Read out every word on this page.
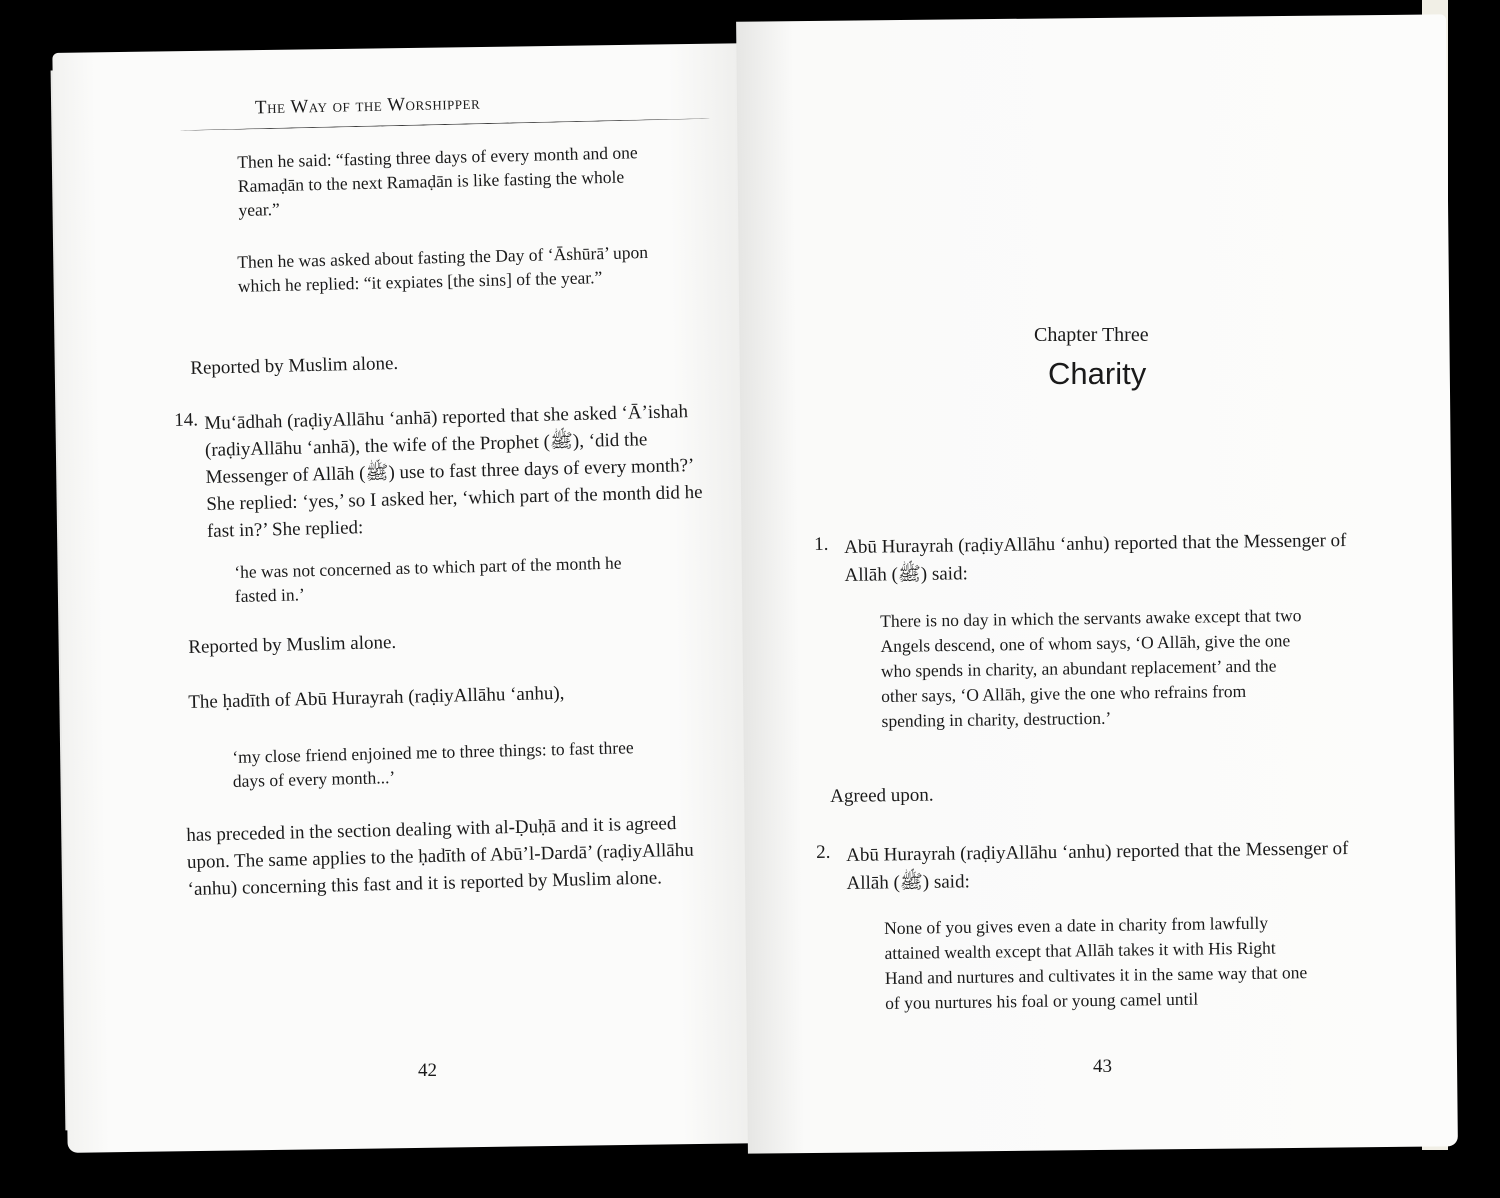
The Way of the Worshipper
Then he said: “fasting three days of every month and one Ramaḍān to the next Ramaḍān is like fasting the whole year.”
Then he was asked about fasting the Day of ‘Āshūrā’ upon which he replied: “it expiates [the sins] of the year.”
Reported by Muslim alone.
14. Mu‘ādhah (raḍiyAllāhu ‘anhā) reported that she asked ‘Ā’ishah (raḍiyAllāhu ‘anhā), the wife of the Prophet (ﷺ), ‘did the Messenger of Allāh (ﷺ) use to fast three days of every month?’ She replied: ‘yes,’ so I asked her, ‘which part of the month did he fast in?’ She replied:
‘he was not concerned as to which part of the month he fasted in.’
Reported by Muslim alone.
The ḥadīth of Abū Hurayrah (raḍiyAllāhu ‘anhu),
‘my close friend enjoined me to three things: to fast three days of every month...’
has preceded in the section dealing with al-Ḍuḥā and it is agreed upon. The same applies to the ḥadīth of Abū’l-Dardā’ (raḍiyAllāhu ‘anhu) concerning this fast and it is reported by Muslim alone.
42
Chapter Three
Charity
1. Abū Hurayrah (raḍiyAllāhu ‘anhu) reported that the Messenger of Allāh (ﷺ) said:
There is no day in which the servants awake except that two Angels descend, one of whom says, ‘O Allāh, give the one who spends in charity, an abundant replacement’ and the other says, ‘O Allāh, give the one who refrains from spending in charity, destruction.’
Agreed upon.
2. Abū Hurayrah (raḍiyAllāhu ‘anhu) reported that the Messenger of Allāh (ﷺ) said:
None of you gives even a date in charity from lawfully attained wealth except that Allāh takes it with His Right Hand and nurtures and cultivates it in the same way that one of you nurtures his foal or young camel until
43
